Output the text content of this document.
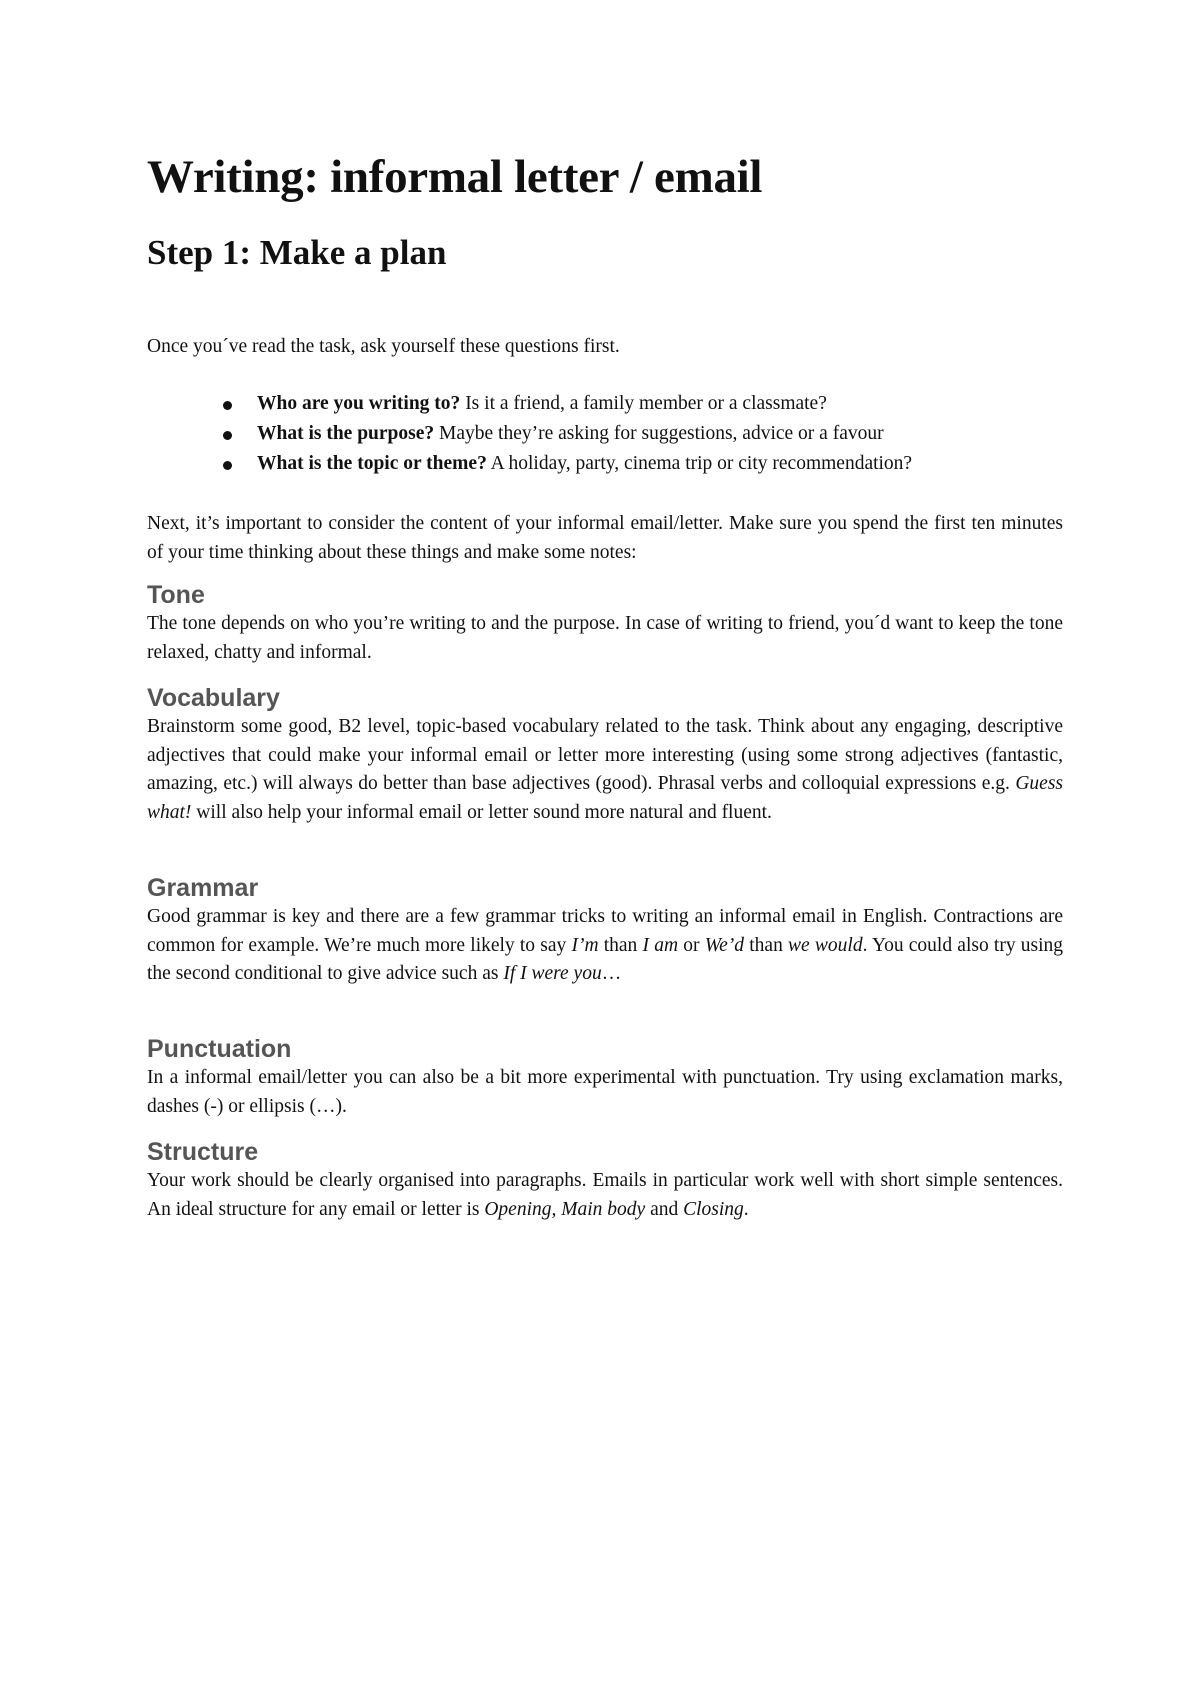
Writing: informal letter / email
Step 1: Make a plan

Once you´ve read the task, ask yourself these questions first.

Who are you writing to? Is it a friend, a family member or a classmate?
What is the purpose? Maybe they’re asking for suggestions, advice or a favour
What is the topic or theme? A holiday, party, cinema trip or city recommendation?

Next, it’s important to consider the content of your informal email/letter. Make sure you spend the first ten minutes of your time thinking about these things and make some notes:

Tone

The tone depends on who you’re writing to and the purpose. In case of writing to friend, you´d want to keep the tone relaxed, chatty and informal.

Vocabulary

Brainstorm some good, B2 level, topic-based vocabulary related to the task. Think about any engaging, descriptive adjectives that could make your informal email or letter more interesting (using some strong adjectives (fantastic, amazing, etc.) will always do better than base adjectives (good). Phrasal verbs and colloquial expressions e.g. Guess what! will also help your informal email or letter sound more natural and fluent.

Grammar

Good grammar is key and there are a few grammar tricks to writing an informal email in English. Contractions are common for example. We’re much more likely to say I’m than I am or We’d than we would. You could also try using the second conditional to give advice such as If I were you…

Punctuation

In a informal email/letter you can also be a bit more experimental with punctuation. Try using exclamation marks, dashes (-) or ellipsis (…).

Structure

Your work should be clearly organised into paragraphs. Emails in particular work well with short simple sentences. An ideal structure for any email or letter is Opening, Main body and Closing.
